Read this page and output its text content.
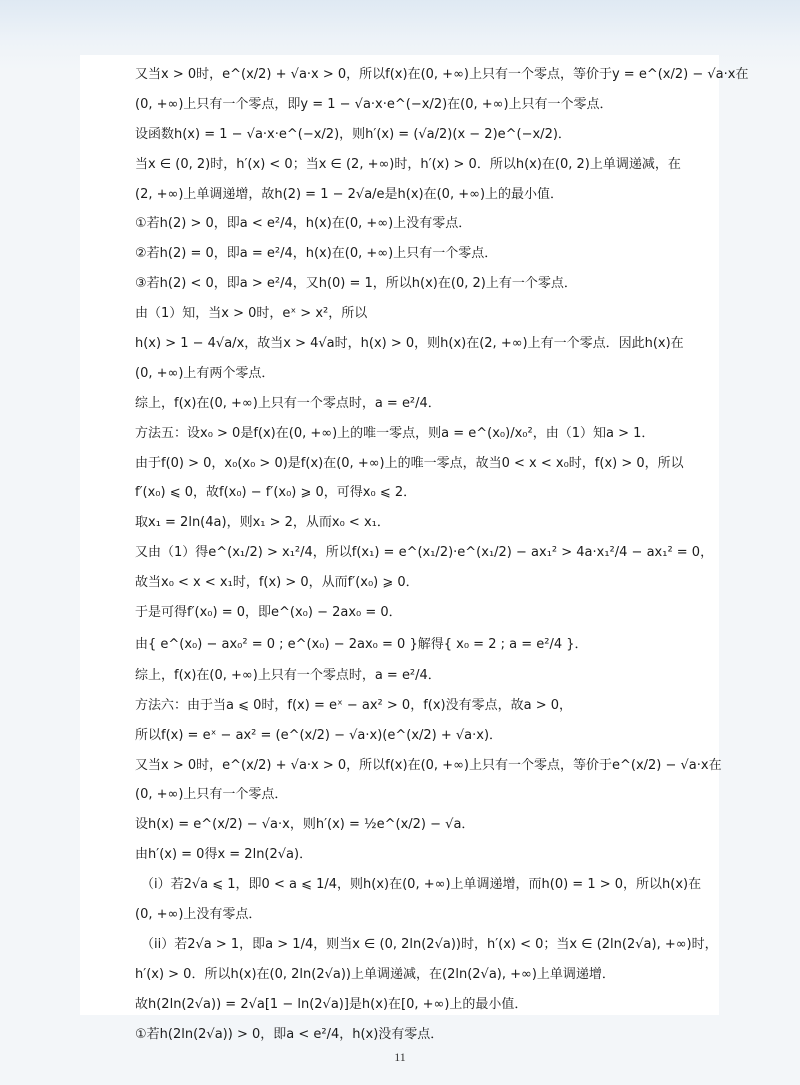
又当x > 0时，e^(x/2) + √a·x > 0，所以f(x)在(0, +∞)上只有一个零点，等价于y = e^(x/2) − √a·x在
(0, +∞)上只有一个零点，即y = 1 − √a·x·e^(−x/2)在(0, +∞)上只有一个零点．
设函数h(x) = 1 − √a·x·e^(−x/2)，则h′(x) = (√a/2)(x − 2)e^(−x/2)．
当x ∈ (0, 2)时，h′(x) < 0；当x ∈ (2, +∞)时，h′(x) > 0．所以h(x)在(0, 2)上单调递减，在
(2, +∞)上单调递增，故h(2) = 1 − 2√a/e是h(x)在(0, +∞)上的最小值．
①若h(2) > 0，即a < e²/4，h(x)在(0, +∞)上没有零点．
②若h(2) = 0，即a = e²/4，h(x)在(0, +∞)上只有一个零点．
③若h(2) < 0，即a > e²/4，又h(0) = 1，所以h(x)在(0, 2)上有一个零点．
由（1）知，当x > 0时，eˣ > x²，所以
h(x) > 1 − 4√a/x，故当x > 4√a时，h(x) > 0，则h(x)在(2, +∞)上有一个零点．因此h(x)在
(0, +∞)上有两个零点．
综上，f(x)在(0, +∞)上只有一个零点时，a = e²/4．
方法五：设x₀ > 0是f(x)在(0, +∞)上的唯一零点，则a = e^(x₀)/x₀²，由（1）知a > 1．
由于f(0) > 0，x₀(x₀ > 0)是f(x)在(0, +∞)上的唯一零点，故当0 < x < x₀时，f(x) > 0，所以
f′(x₀) ⩽ 0，故f(x₀) − f′(x₀) ⩾ 0，可得x₀ ⩽ 2．
取x₁ = 2ln(4a)，则x₁ > 2，从而x₀ < x₁．
又由（1）得e^(x₁/2) > x₁²/4，所以f(x₁) = e^(x₁/2)·e^(x₁/2) − ax₁² > 4a·x₁²/4 − ax₁² = 0，
故当x₀ < x < x₁时，f(x) > 0，从而f′(x₀) ⩾ 0．
于是可得f′(x₀) = 0，即e^(x₀) − 2ax₀ = 0．
由{ e^(x₀) − ax₀² = 0 ; e^(x₀) − 2ax₀ = 0 }解得{ x₀ = 2 ; a = e²/4 }．
综上，f(x)在(0, +∞)上只有一个零点时，a = e²/4．
方法六：由于当a ⩽ 0时，f(x) = eˣ − ax² > 0，f(x)没有零点，故a > 0，
所以f(x) = eˣ − ax² = (e^(x/2) − √a·x)(e^(x/2) + √a·x)．
又当x > 0时，e^(x/2) + √a·x > 0，所以f(x)在(0, +∞)上只有一个零点，等价于e^(x/2) − √a·x在
(0, +∞)上只有一个零点．
设h(x) = e^(x/2) − √a·x，则h′(x) = ½e^(x/2) − √a．
由h′(x) = 0得x = 2ln(2√a)．
（i）若2√a ⩽ 1，即0 < a ⩽ 1/4，则h(x)在(0, +∞)上单调递增，而h(0) = 1 > 0，所以h(x)在
(0, +∞)上没有零点．
（ii）若2√a > 1，即a > 1/4，则当x ∈ (0, 2ln(2√a))时，h′(x) < 0；当x ∈ (2ln(2√a), +∞)时，
h′(x) > 0．所以h(x)在(0, 2ln(2√a))上单调递减，在(2ln(2√a), +∞)上单调递增．
故h(2ln(2√a)) = 2√a[1 − ln(2√a)]是h(x)在[0, +∞)上的最小值．
①若h(2ln(2√a)) > 0，即a < e²/4，h(x)没有零点．
11
